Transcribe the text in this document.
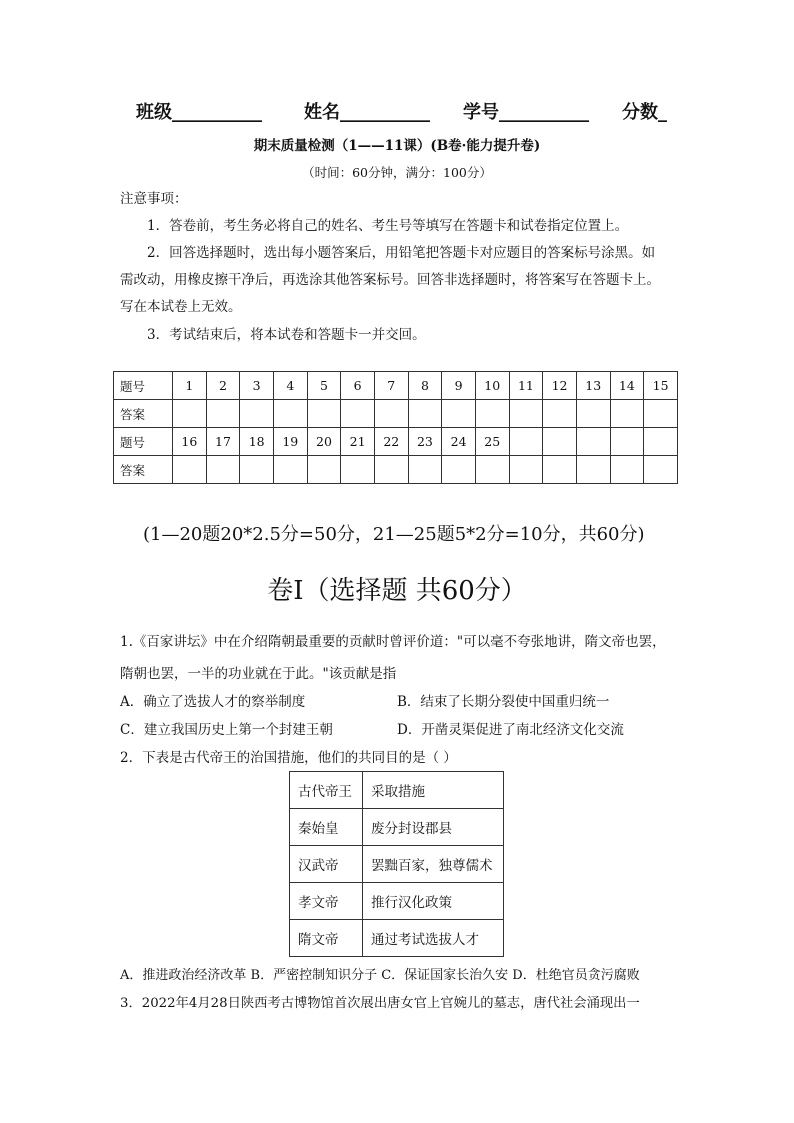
班级__________ 姓名__________ 学号__________ 分数_
期末质量检测（1——11课）(B卷·能力提升卷)
（时间：60分钟，满分：100分）
注意事项：
1．答卷前，考生务必将自己的姓名、考生号等填写在答题卡和试卷指定位置上。
2．回答选择题时，选出每小题答案后，用铅笔把答题卡对应题目的答案标号涂黑。如
需改动，用橡皮擦干净后，再选涂其他答案标号。回答非选择题时，将答案写在答题卡上。
写在本试卷上无效。
3．考试结束后，将本试卷和答题卡一并交回。
题号	1	2	3	4	5	6	7	8	9	10	11	12	13	14	15
答案															
题号	16	17	18	19	20	21	22	23	24	25					
答案															
(1—20题20*2.5分=50分，21—25题5*2分=10分，共60分)
卷Ⅰ（选择题 共60分）
1.《百家讲坛》中在介绍隋朝最重要的贡献时曾评价道："可以毫不夸张地讲，隋文帝也罢，
隋朝也罢，一半的功业就在于此。"该贡献是指
A．确立了选拔人才的察举制度	B．结束了长期分裂使中国重归统一
C．建立我国历史上第一个封建王朝	D．开凿灵渠促进了南北经济文化交流
2．下表是古代帝王的治国措施，他们的共同目的是（ ）
古代帝王	采取措施
秦始皇	废分封设郡县
汉武帝	罢黜百家，独尊儒术
孝文帝	推行汉化政策
隋文帝	通过考试选拔人才
A．推进政治经济改革 B．严密控制知识分子 C．保证国家长治久安 D．杜绝官员贪污腐败
3．2022年4月28日陕西考古博物馆首次展出唐女官上官婉儿的墓志，唐代社会涌现出一
